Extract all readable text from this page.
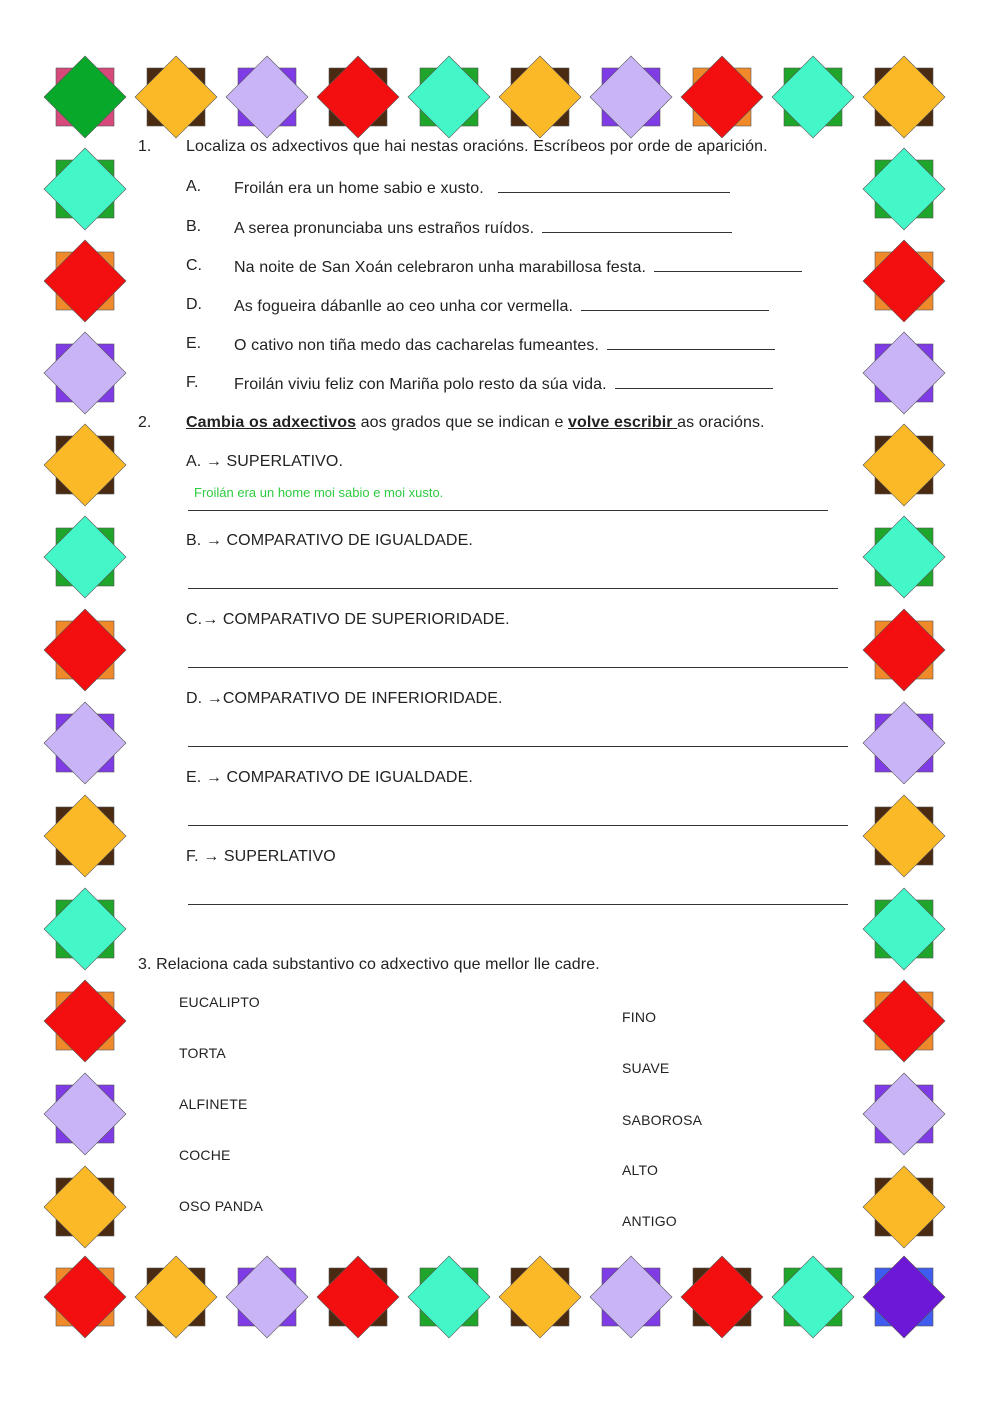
1. Localiza os adxectivos que hai nestas oracións. Escríbeos por orde de aparición.
A. Froilán era un home sabio e xusto.
B. A serea pronunciaba uns estraños ruídos.
C. Na noite de San Xoán celebraron unha marabillosa festa.
D. As fogueira dábanlle ao ceo unha cor vermella.
E. O cativo non tiña medo das cacharelas fumeantes.
F. Froilán viviu feliz con Mariña polo resto da súa vida.
2. Cambia os adxectivos aos grados que se indican e volve escribir as oracións.
A. → SUPERLATIVO.
Froilán era un home moi sabio e moi xusto.
B. → COMPARATIVO DE IGUALDADE.
C.→ COMPARATIVO DE SUPERIORIDADE.
D. →COMPARATIVO DE INFERIORIDADE.
E. → COMPARATIVO DE IGUALDADE.
F. → SUPERLATIVO
3. Relaciona cada substantivo co adxectivo que mellor lle cadre.
EUCALIPTO
TORTA
ALFINETE
COCHE
OSO PANDA
FINO
SUAVE
SABOROSA
ALTO
ANTIGO
